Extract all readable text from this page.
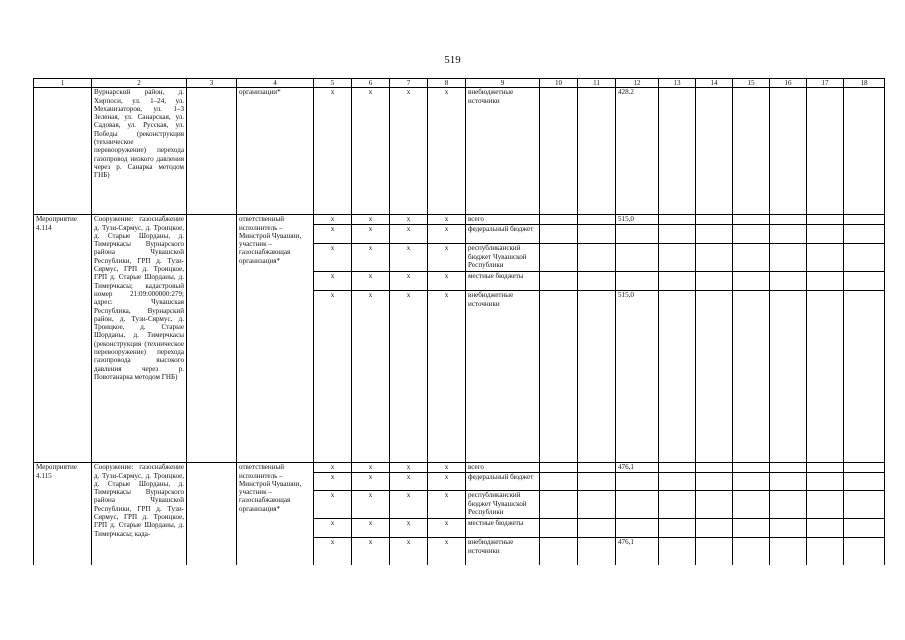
519
1	2	3	4	5	6	7	8	9	10	11	12	13	14	15	16	17	18
	Вурнарский район, д. Хирпоси, ул. 1–24, ул. Механизаторов, ул. 1–3 Зеленая, ул. Санарская, ул. Садовая, ул. Русская, ул. Победы (реконструкция (техническое перевооружение) перехода газопровод низкого давления через р. Санарка методом ГНБ)		организации*	х	х	х	х	внебюджетные источники			428.2						
Мероприятие 4.114	Сооружение: газоснабжение д. Тузи-Сярмус, д. Троицкое, д. Старые Шорданы, д. Тимерчкасы Вурнарского района Чувашской Республики, ГРП д. Тузи-Сярмус, ГРП д. Троицкое, ГРП д. Старые Шорданы, д. Тимерчкасы; кадастровый номер 21:09:000000:279; адрес: Чувашская Республика, Вурнарский район, д. Тузи-Сярмус, д. Троицкое, д. Старые Шорданы, д. Тимерчкасы (реконструкция (техническое перевооружение) перехода газопровода высокого давления через р. Повотанарка методом ГНБ)		ответственный исполнитель – Минстрой Чувашии, участник – газоснабжающая организация*	х	х	х	х	всего			515,0						
				х	х	х	х	федеральный бюджет									
				х	х	х	х	республиканский бюджет Чувашской Республики									
				х	х	х	х	местные бюджеты									
				х	х	х	х	внебюджетные источники			515,0						
Мероприятие 4.115	Сооружение: газоснабжение д. Тузи-Сярмус, д. Троицкое, д. Старые Шорданы, д. Тимерчкасы Вурнарского района Чувашской Республики, ГРП д. Тузи-Сярмус, ГРП д. Троицкое, ГРП д. Старые Шорданы, д. Тимерчкасы; када-		ответственный исполнитель – Минстрой Чувашии, участник – газоснабжающая организация*	х	х	х	х	всего			476,1						
				х	х	х	х	федеральный бюджет									
				х	х	х	х	республиканский бюджет Чувашской Республики									
				х	х	х	х	местные бюджеты									
				х	х	х	х	внебюджетные источники			476,1						
